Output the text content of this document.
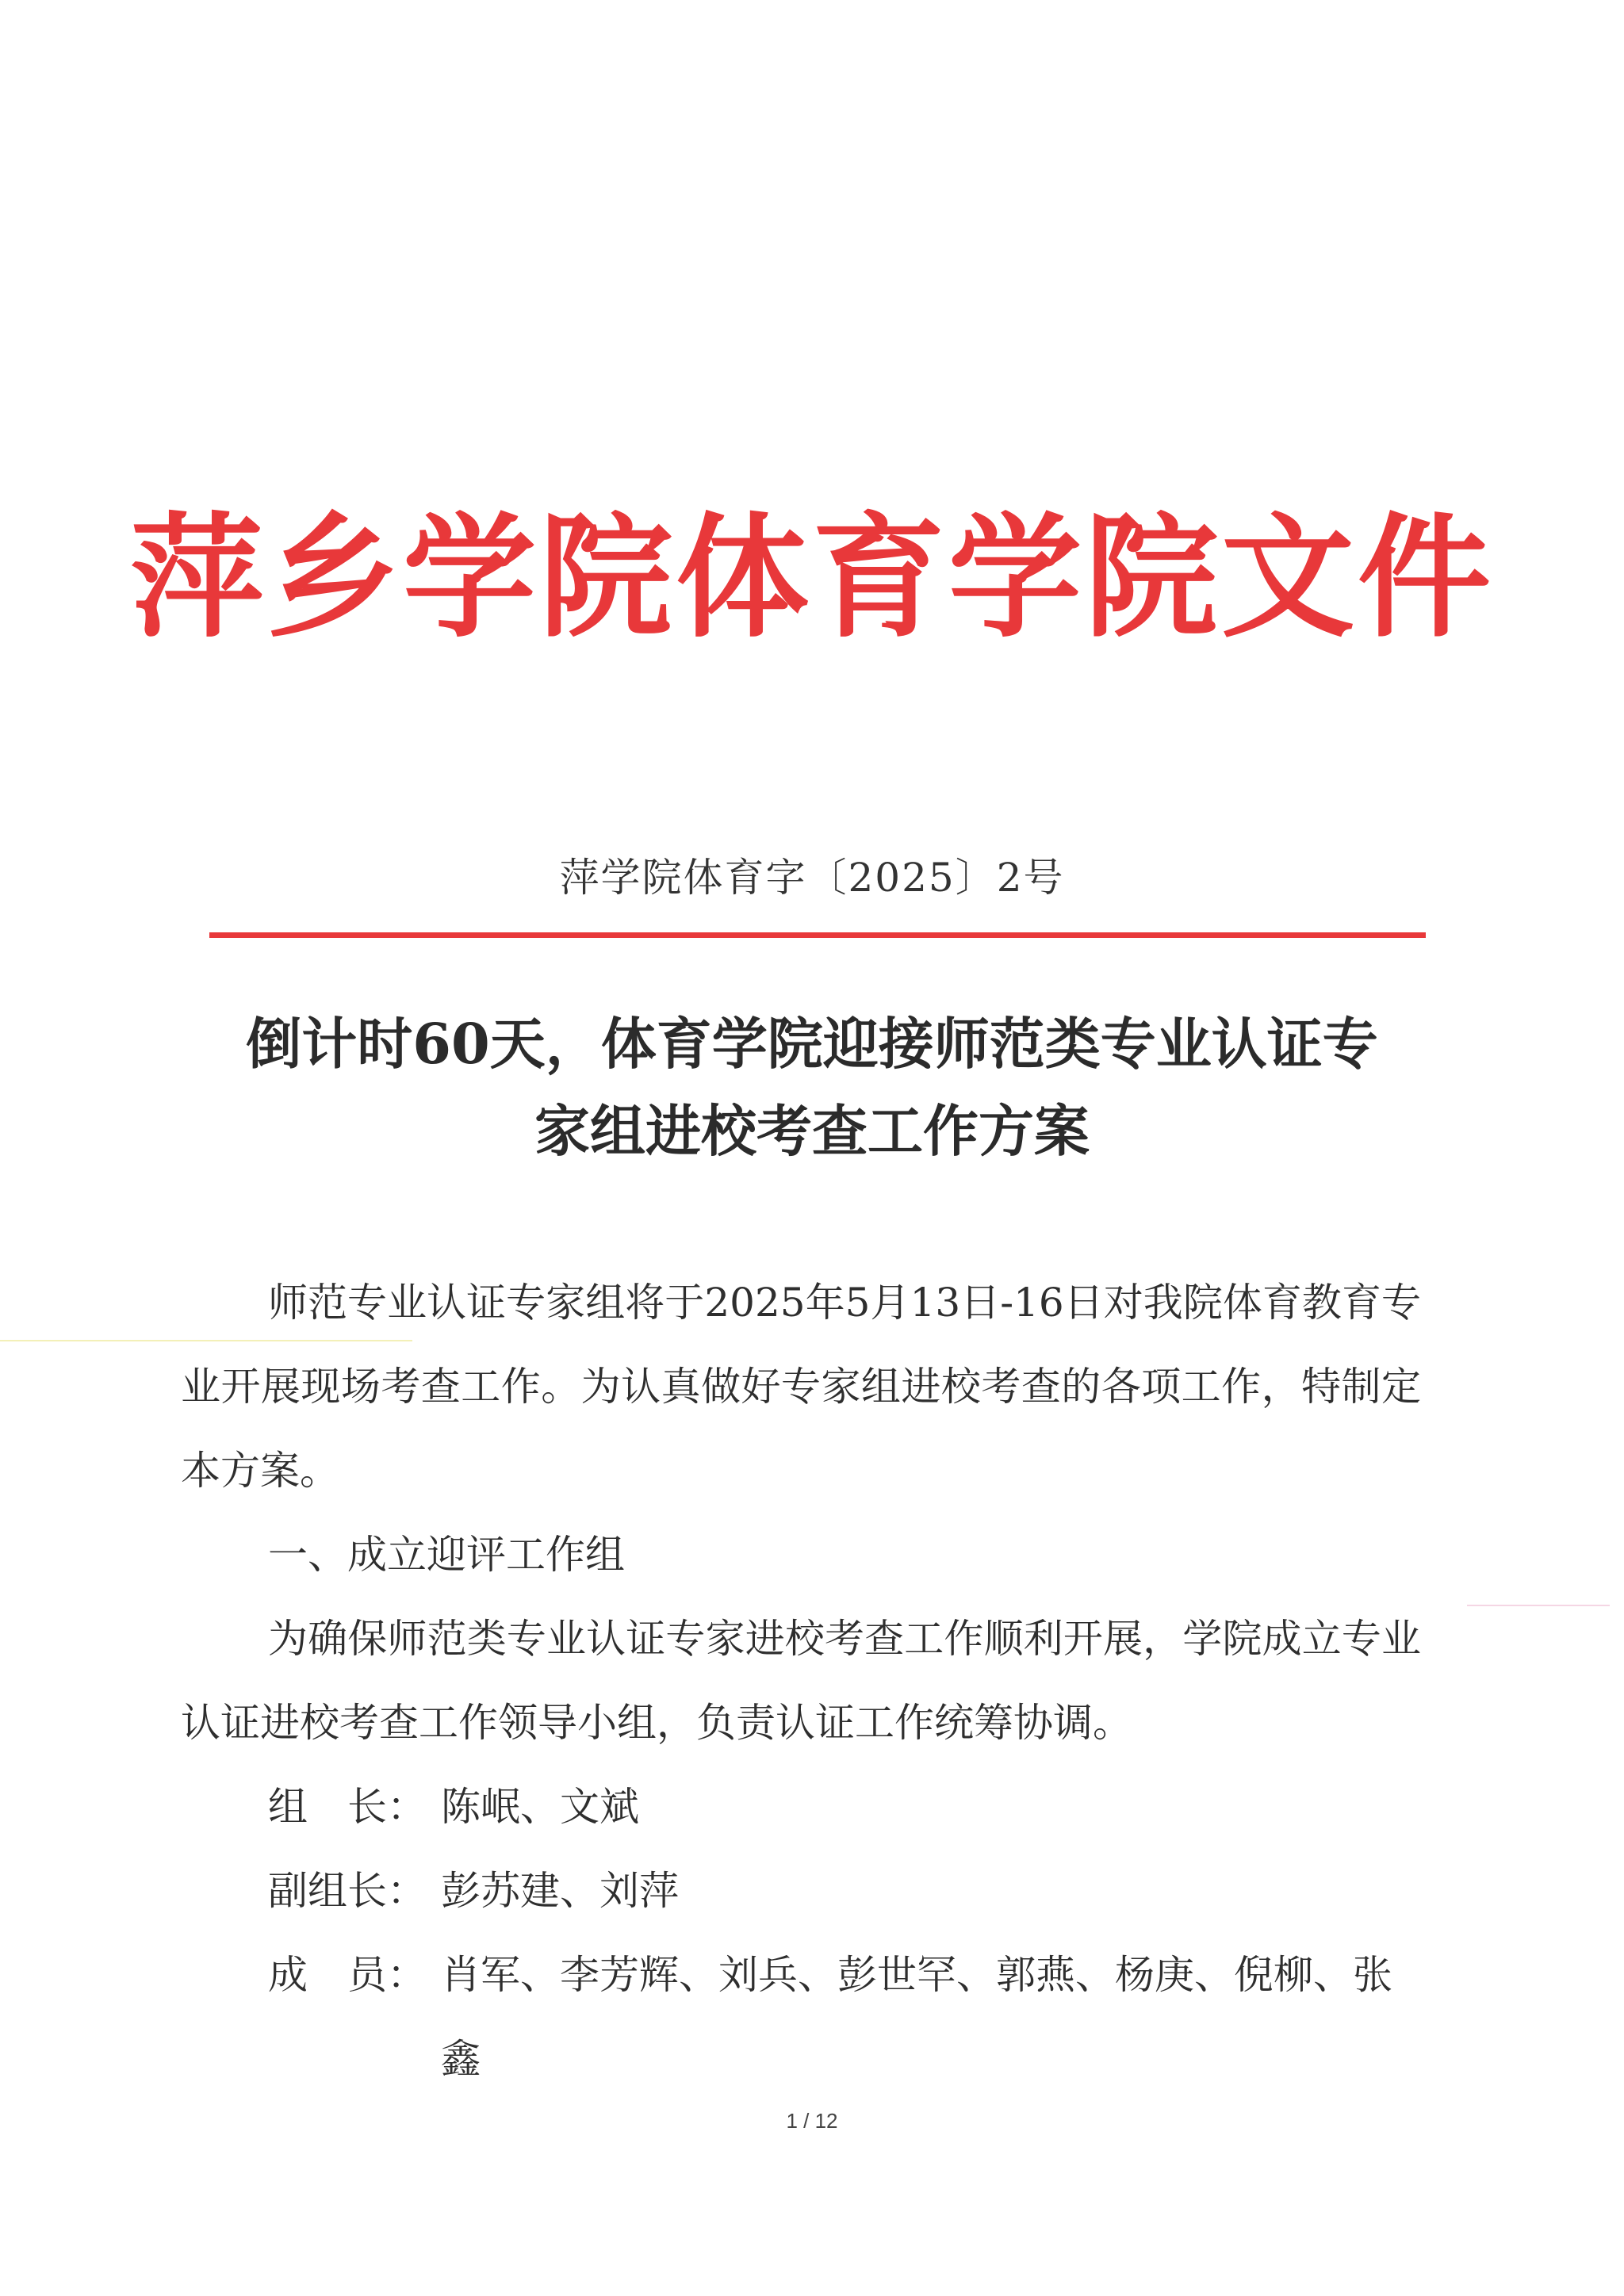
萍乡学院体育学院文件
萍学院体育字〔2025〕2号
倒计时60天，体育学院迎接师范类专业认证专
家组进校考查工作方案

师范专业认证专家组将于2025年5月13日-16日对我院体育教育专业开展现场考查工作。为认真做好专家组进校考查的各项工作，特制定本方案。

一、成立迎评工作组

为确保师范类专业认证专家进校考查工作顺利开展，学院成立专业认证进校考查工作领导小组，负责认证工作统筹协调。

组　长： 陈岷、文斌
副组长： 彭苏建、刘萍
成　员： 肖军、李芳辉、刘兵、彭世罕、郭燕、杨庚、倪柳、张鑫
1 / 12
